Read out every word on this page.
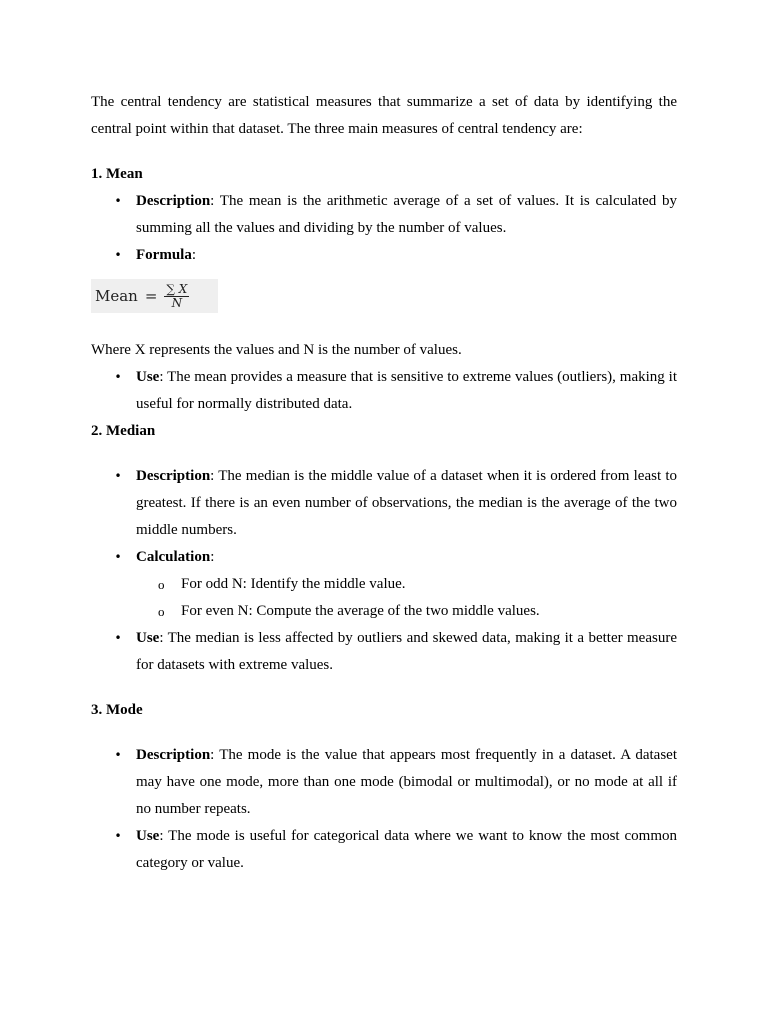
The central tendency are statistical measures that summarize a set of data by identifying the central point within that dataset. The three main measures of central tendency are:

1. Mean

• Description: The mean is the arithmetic average of a set of values. It is calculated by summing all the values and dividing by the number of values.
• Formula:
Mean = $\frac{\sum X}{N}$

Where X represents the values and N is the number of values.

• Use: The mean provides a measure that is sensitive to extreme values (outliers), making it useful for normally distributed data.

2. Median

• Description: The median is the middle value of a dataset when it is ordered from least to greatest. If there is an even number of observations, the median is the average of the two middle numbers.
• Calculation:
o For odd N: Identify the middle value.
o For even N: Compute the average of the two middle values.
• Use: The median is less affected by outliers and skewed data, making it a better measure for datasets with extreme values.

3. Mode

• Description: The mode is the value that appears most frequently in a dataset. A dataset may have one mode, more than one mode (bimodal or multimodal), or no mode at all if no number repeats.
• Use: The mode is useful for categorical data where we want to know the most common category or value.
